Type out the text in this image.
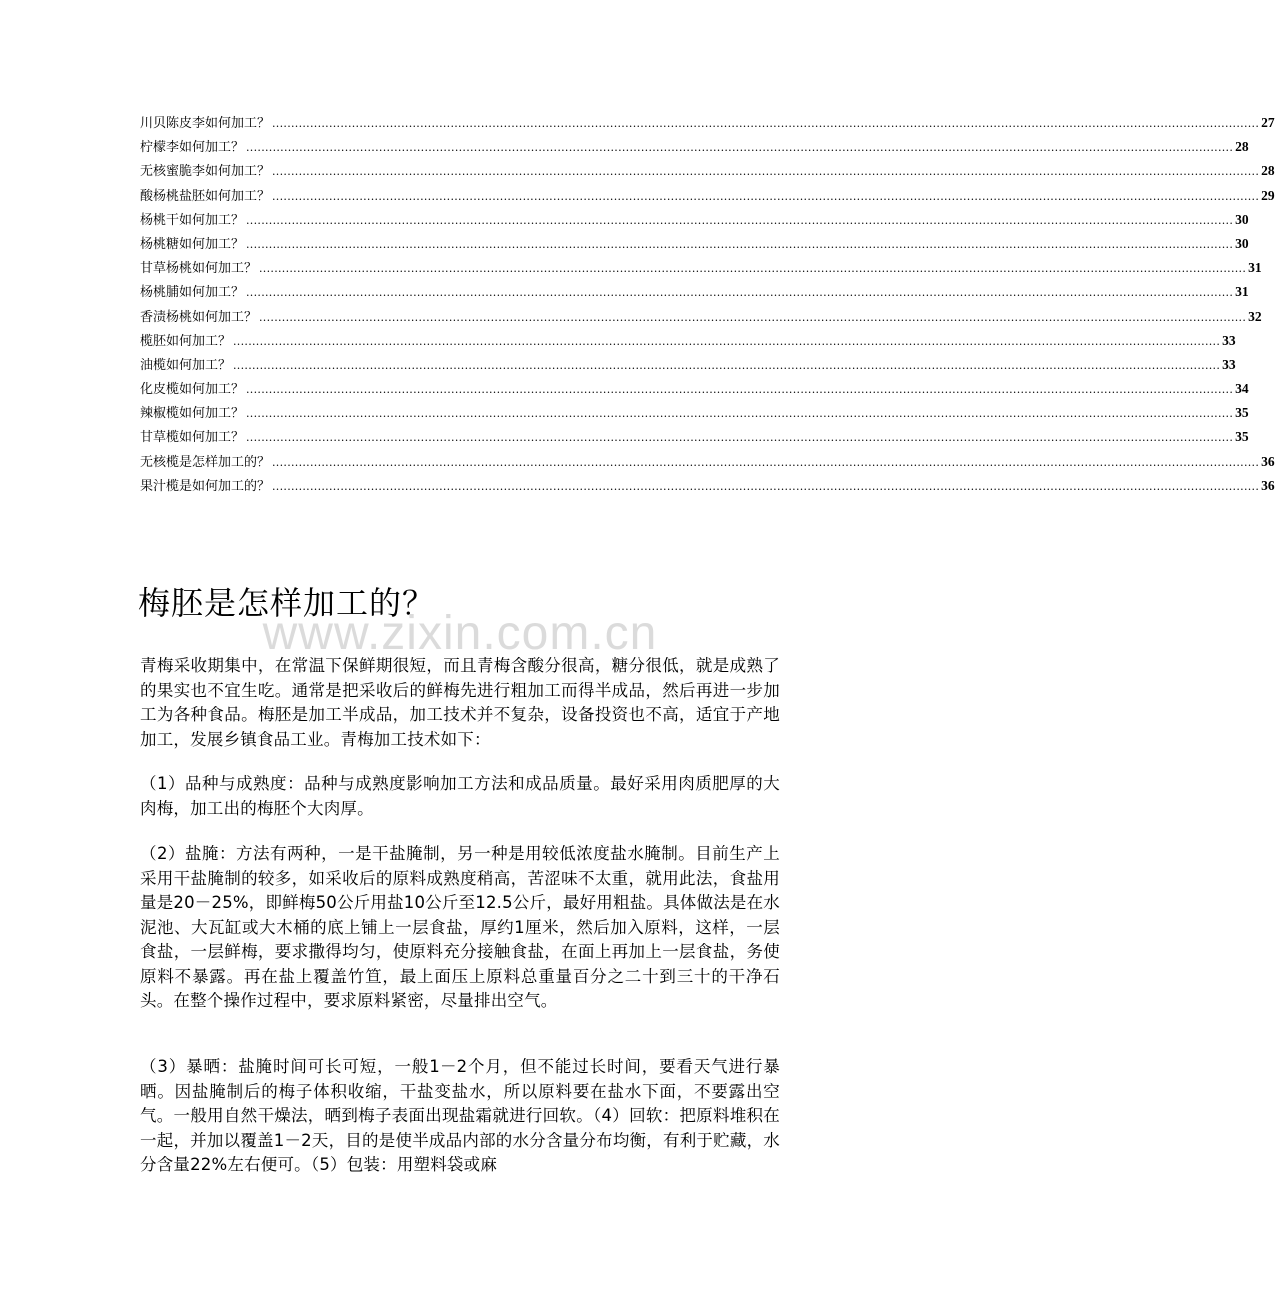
川贝陈皮李如何加工？ .................................................................................................................................................................................................................................................................... 27
柠檬李如何加工？ .................................................................................................................................................................................................................................................................... 28
无核蜜脆李如何加工？ .................................................................................................................................................................................................................................................................... 28
酸杨桃盐胚如何加工？ .................................................................................................................................................................................................................................................................... 29
杨桃干如何加工？ .................................................................................................................................................................................................................................................................... 30
杨桃糖如何加工？ .................................................................................................................................................................................................................................................................... 30
甘草杨桃如何加工？ .................................................................................................................................................................................................................................................................... 31
杨桃脯如何加工？ .................................................................................................................................................................................................................................................................... 31
香渍杨桃如何加工？ .................................................................................................................................................................................................................................................................... 32
榄胚如何加工？ .................................................................................................................................................................................................................................................................... 33
油榄如何加工？ .................................................................................................................................................................................................................................................................... 33
化皮榄如何加工？ .................................................................................................................................................................................................................................................................... 34
辣椒榄如何加工？ .................................................................................................................................................................................................................................................................... 35
甘草榄如何加工？ .................................................................................................................................................................................................................................................................... 35
无核榄是怎样加工的？ .................................................................................................................................................................................................................................................................... 36
果汁榄是如何加工的？ .................................................................................................................................................................................................................................................................... 36
梅胚是怎样加工的？
www.zixin.com.cn

青梅采收期集中，在常温下保鲜期很短，而且青梅含酸分很高，糖分很低，就是成熟了的果实也不宜生吃。通常是把采收后的鲜梅先进行粗加工而得半成品，然后再进一步加工为各种食品。梅胚是加工半成品，加工技术并不复杂，设备投资也不高，适宜于产地加工，发展乡镇食品工业。青梅加工技术如下：

（1）品种与成熟度：品种与成熟度影响加工方法和成品质量。最好采用肉质肥厚的大肉梅，加工出的梅胚个大肉厚。

（2）盐腌：方法有两种，一是干盐腌制，另一种是用较低浓度盐水腌制。目前生产上采用干盐腌制的较多，如采收后的原料成熟度稍高，苦涩味不太重，就用此法，食盐用量是20－25%，即鲜梅50公斤用盐10公斤至12.5公斤，最好用粗盐。具体做法是在水泥池、大瓦缸或大木桶的底上铺上一层食盐，厚约1厘米，然后加入原料，这样，一层食盐，一层鲜梅，要求撒得均匀，使原料充分接触食盐，在面上再加上一层食盐，务使原料不暴露。再在盐上覆盖竹笪，最上面压上原料总重量百分之二十到三十的干净石头。在整个操作过程中，要求原料紧密，尽量排出空气。

（3）暴晒：盐腌时间可长可短，一般1－2个月，但不能过长时间，要看天气进行暴晒。因盐腌制后的梅子体积收缩，干盐变盐水，所以原料要在盐水下面，不要露出空气。一般用自然干燥法，晒到梅子表面出现盐霜就进行回软。（4）回软：把原料堆积在一起，并加以覆盖1－2天，目的是使半成品内部的水分含量分布均衡，有利于贮藏，水分含量22%左右便可。（5）包装：用塑料袋或麻
